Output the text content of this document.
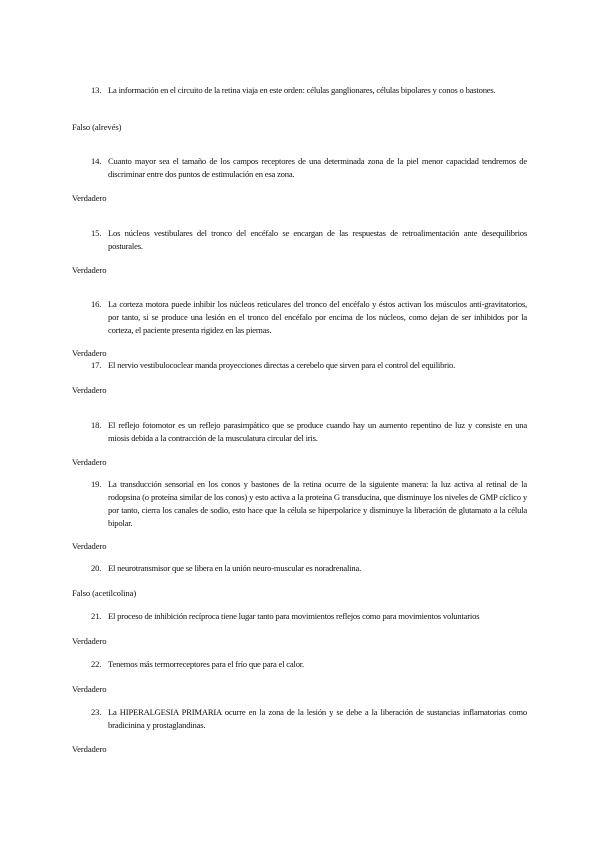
13. La información en el circuito de la retina viaja en este orden: células ganglionares, células bipolares y conos o bastones.
Falso (alrevés)
14. Cuanto mayor sea el tamaño de los campos receptores de una determinada zona de la piel menor capacidad tendremos de discriminar entre dos puntos de estimulación en esa zona.
Verdadero
15. Los núcleos vestibulares del tronco del encéfalo se encargan de las respuestas de retroalimentación ante desequilibrios posturales.
Verdadero
16. La corteza motora puede inhibir los núcleos reticulares del tronco del encéfalo y éstos activan los músculos anti-gravitatorios, por tanto, si se produce una lesión en el tronco del encéfalo por encima de los núcleos, como dejan de ser inhibidos por la corteza, el paciente presenta rigidez en las piernas.
Verdadero
17. El nervio vestibulococlear manda proyecciones directas a cerebelo que sirven para el control del equilibrio.
Verdadero
18. El reflejo fotomotor es un reflejo parasimpático que se produce cuando hay un aumento repentino de luz y consiste en una miosis debida a la contracción de la musculatura circular del iris.
Verdadero
19. La transducción sensorial en los conos y bastones de la retina ocurre de la siguiente manera: la luz activa al retinal de la rodopsina (o proteína similar de los conos) y esto activa a la proteína G transducina, que disminuye los niveles de GMP cíclico y por tanto, cierra los canales de sodio, esto hace que la célula se hiperpolarice y disminuye la liberación de glutamato a la célula bipolar.
Verdadero
20. El neurotransmisor que se libera en la unión neuro-muscular es noradrenalina.
Falso (acetilcolina)
21. El proceso de inhibición recíproca tiene lugar tanto para movimientos reflejos como para movimientos voluntarios
Verdadero
22. Tenemos más termorreceptores para el frío que para el calor.
Verdadero
23. La HIPERALGESIA PRIMARIA ocurre en la zona de la lesión y se debe a la liberación de sustancias inflamatorias como bradicinina y prostaglandinas.
Verdadero
